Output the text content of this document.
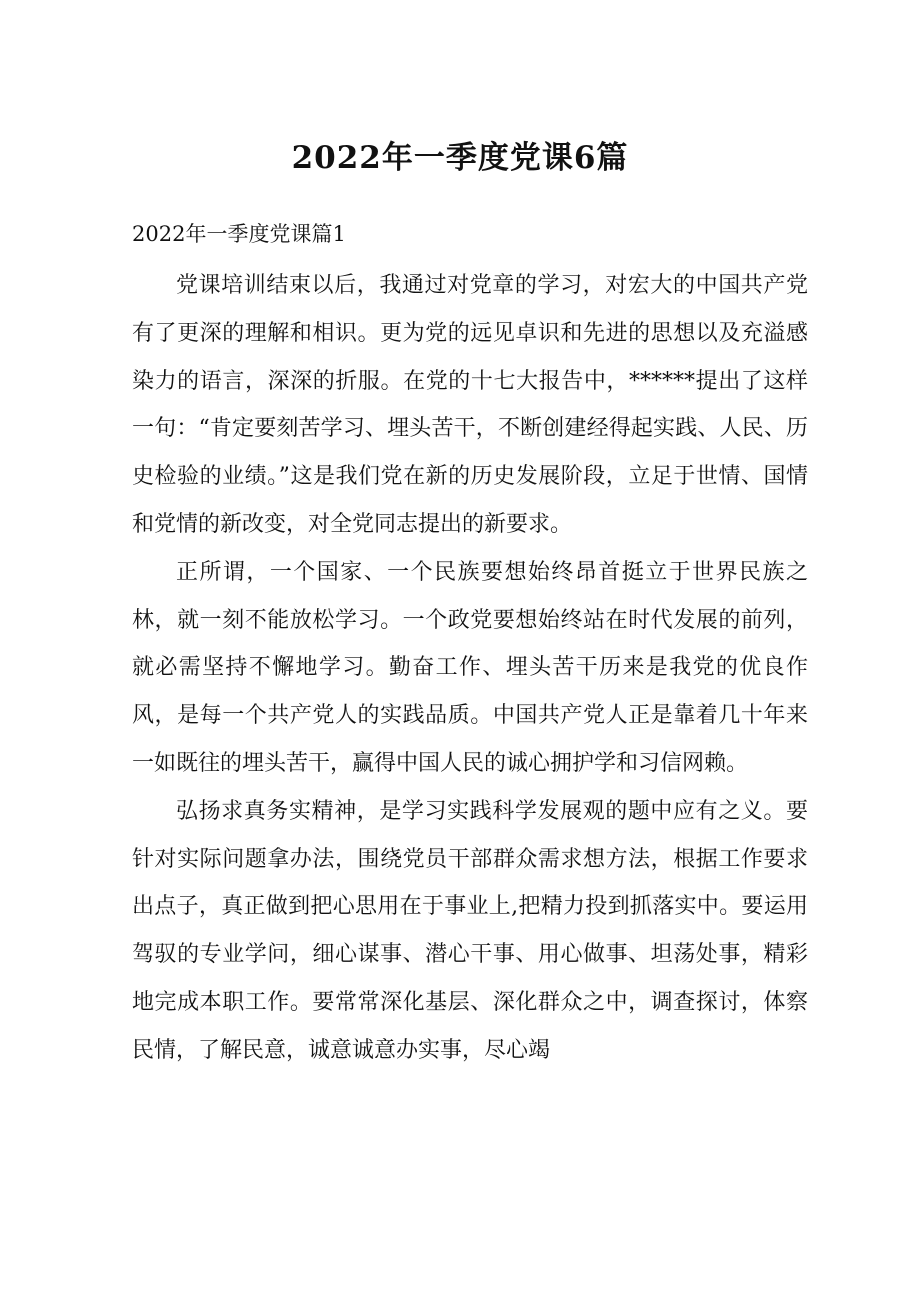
2022年一季度党课6篇
2022年一季度党课篇1

党课培训结束以后，我通过对党章的学习，对宏大的中国共产党有了更深的理解和相识。更为党的远见卓识和先进的思想以及充溢感染力的语言，深深的折服。在党的十七大报告中，******提出了这样一句：“肯定要刻苦学习、埋头苦干，不断创建经得起实践、人民、历史检验的业绩。”这是我们党在新的历史发展阶段，立足于世情、国情和党情的新改变，对全党同志提出的新要求。

正所谓，一个国家、一个民族要想始终昂首挺立于世界民族之林，就一刻不能放松学习。一个政党要想始终站在时代发展的前列，就必需坚持不懈地学习。勤奋工作、埋头苦干历来是我党的优良作风，是每一个共产党人的实践品质。中国共产党人正是靠着几十年来一如既往的埋头苦干，赢得中国人民的诚心拥护学和习信网赖。

弘扬求真务实精神，是学习实践科学发展观的题中应有之义。要针对实际问题拿办法，围绕党员干部群众需求想方法，根据工作要求出点子，真正做到把心思用在于事业上,把精力投到抓落实中。要运用驾驭的专业学问，细心谋事、潜心干事、用心做事、坦荡处事，精彩地完成本职工作。要常常深化基层、深化群众之中，调查探讨，体察民情，了解民意，诚意诚意办实事，尽心竭
